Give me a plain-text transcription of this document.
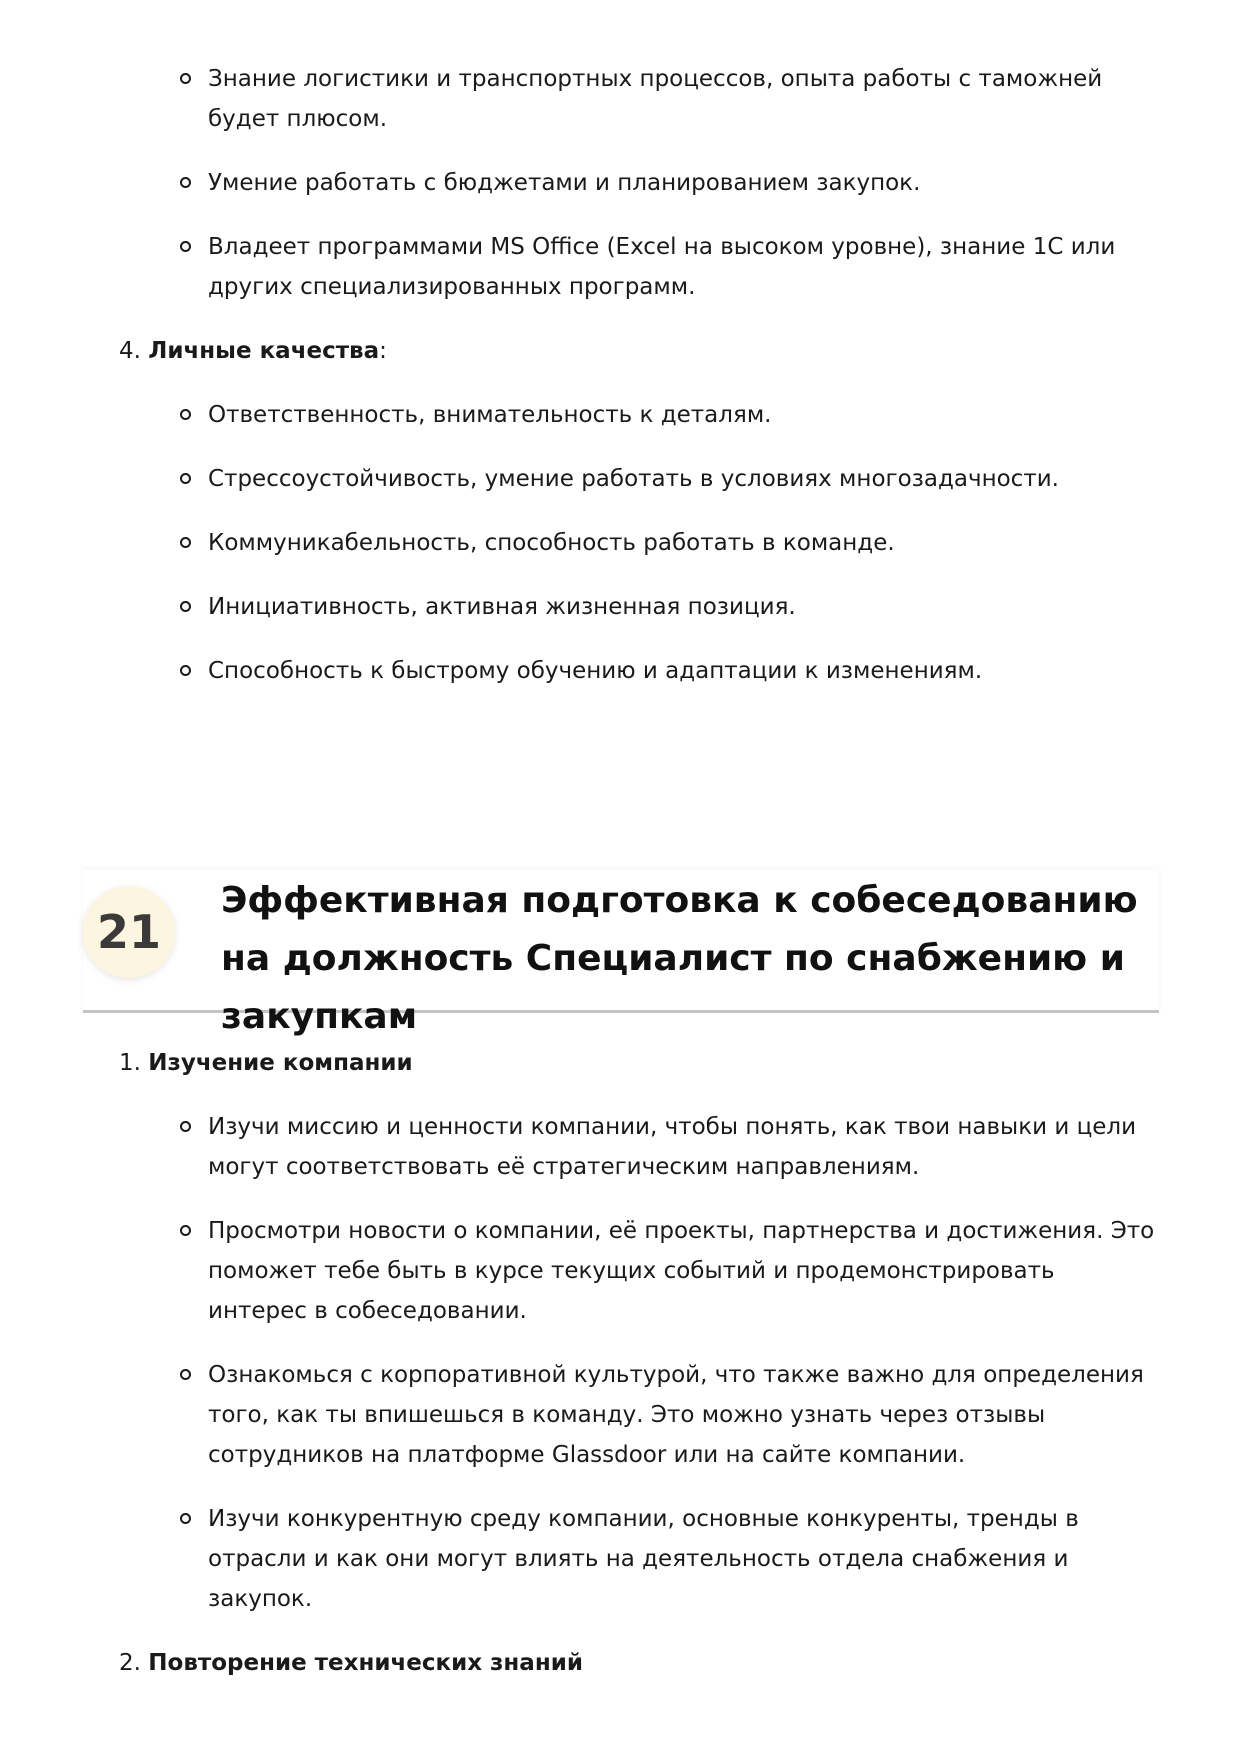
Знание логистики и транспортных процессов, опыта работы с таможней будет плюсом.
Умение работать с бюджетами и планированием закупок.
Владеет программами MS Office (Excel на высоком уровне), знание 1С или других специализированных программ.
4. Личные качества:
Ответственность, внимательность к деталям.
Стрессоустойчивость, умение работать в условиях многозадачности.
Коммуникабельность, способность работать в команде.
Инициативность, активная жизненная позиция.
Способность к быстрому обучению и адаптации к изменениям.
21
Эффективная подготовка к собеседованию на должность Специалист по снабжению и закупкам
1. Изучение компании
Изучи миссию и ценности компании, чтобы понять, как твои навыки и цели могут соответствовать её стратегическим направлениям.
Просмотри новости о компании, её проекты, партнерства и достижения. Это поможет тебе быть в курсе текущих событий и продемонстрировать интерес в собеседовании.
Ознакомься с корпоративной культурой, что также важно для определения того, как ты впишешься в команду. Это можно узнать через отзывы сотрудников на платформе Glassdoor или на сайте компании.
Изучи конкурентную среду компании, основные конкуренты, тренды в отрасли и как они могут влиять на деятельность отдела снабжения и закупок.
2. Повторение технических знаний
